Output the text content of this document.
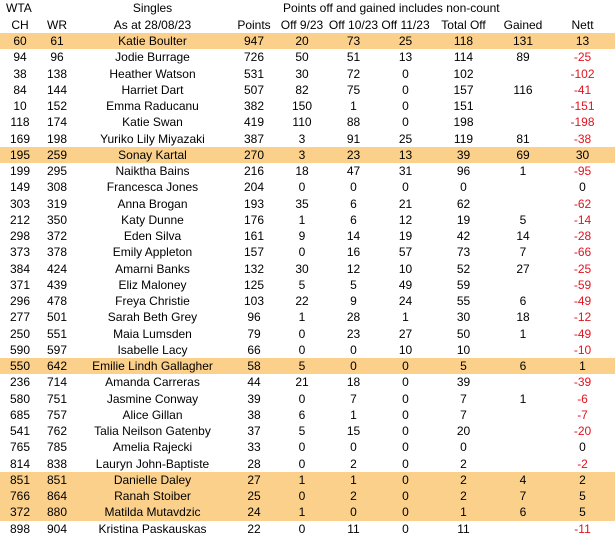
WTA		Singles		Points off and gained includes non-count					
CH	WR	As at 28/08/23	Points	Off 9/23	Off 10/23	Off 11/23	Total Off	Gained	Nett
60	61	Katie Boulter	947	20	73	25	118	131	13
94	96	Jodie Burrage	726	50	51	13	114	89	-25
38	138	Heather Watson	531	30	72	0	102		-102
84	144	Harriet Dart	507	82	75	0	157	116	-41
10	152	Emma Raducanu	382	150	1	0	151		-151
118	174	Katie Swan	419	110	88	0	198		-198
169	198	Yuriko Lily Miyazaki	387	3	91	25	119	81	-38
195	259	Sonay Kartal	270	3	23	13	39	69	30
199	295	Naiktha Bains	216	18	47	31	96	1	-95
149	308	Francesca Jones	204	0	0	0	0		0
303	319	Anna Brogan	193	35	6	21	62		-62
212	350	Katy Dunne	176	1	6	12	19	5	-14
298	372	Eden Silva	161	9	14	19	42	14	-28
373	378	Emily Appleton	157	0	16	57	73	7	-66
384	424	Amarni Banks	132	30	12	10	52	27	-25
371	439	Eliz Maloney	125	5	5	49	59		-59
296	478	Freya Christie	103	22	9	24	55	6	-49
277	501	Sarah Beth Grey	96	1	28	1	30	18	-12
250	551	Maia Lumsden	79	0	23	27	50	1	-49
590	597	Isabelle Lacy	66	0	0	10	10		-10
550	642	Emilie Lindh Gallagher	58	5	0	0	5	6	1
236	714	Amanda Carreras	44	21	18	0	39		-39
580	751	Jasmine Conway	39	0	7	0	7	1	-6
685	757	Alice Gillan	38	6	1	0	7		-7
541	762	Talia Neilson Gatenby	37	5	15	0	20		-20
765	785	Amelia Rajecki	33	0	0	0	0		0
814	838	Lauryn John-Baptiste	28	0	2	0	2		-2
851	851	Danielle Daley	27	1	1	0	2	4	2
766	864	Ranah Stoiber	25	0	2	0	2	7	5
372	880	Matilda Mutavdzic	24	1	0	0	1	6	5
898	904	Kristina Paskauskas	22	0	11	0	11		-11
